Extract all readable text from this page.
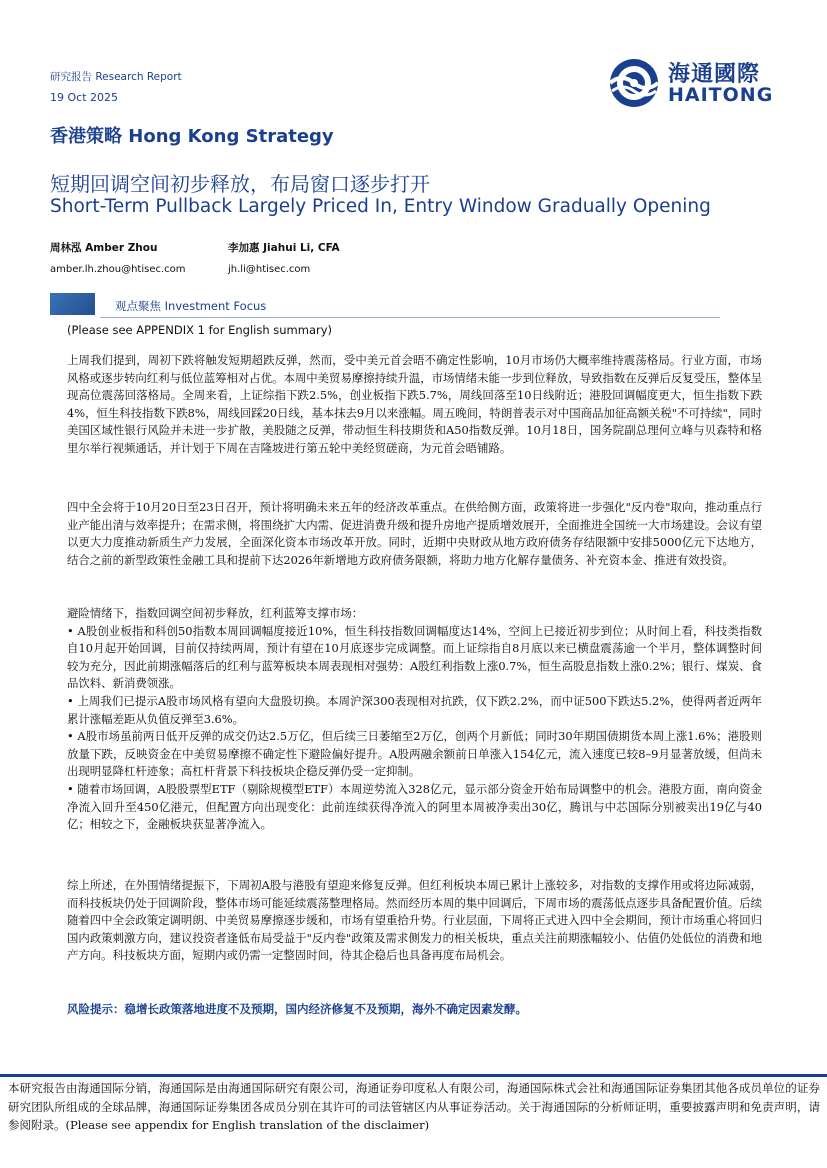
研究报告 Research Report
19 Oct 2025
海通國際
HAITONG
香港策略 Hong Kong Strategy
短期回调空间初步释放，布局窗口逐步打开
Short-Term Pullback Largely Priced In, Entry Window Gradually Opening
周林泓 Amber Zhou
amber.lh.zhou@htisec.com
李加惠 Jiahui Li, CFA
jh.li@htisec.com
观点聚焦 Investment Focus
(Please see APPENDIX 1 for English summary)

上周我们提到，周初下跌将触发短期超跌反弹，然而，受中美元首会晤不确定性影响，10月市场仍大概率维持震荡格局。行业方面，市场风格或逐步转向红利与低位蓝筹相对占优。本周中美贸易摩擦持续升温，市场情绪未能一步到位释放，导致指数在反弹后反复受压，整体呈现高位震荡回落格局。全周来看，上证综指下跌2.5%，创业板指下跌5.7%，周线回落至10日线附近；港股回调幅度更大，恒生指数下跌4%，恒生科技指数下跌8%，周线回踩20日线，基本抹去9月以来涨幅。周五晚间，特朗普表示对中国商品加征高额关税"不可持续"，同时美国区域性银行风险并未进一步扩散，美股随之反弹，带动恒生科技期货和A50指数反弹。10月18日，国务院副总理何立峰与贝森特和格里尔举行视频通话，并计划于下周在吉隆坡进行第五轮中美经贸磋商，为元首会晤铺路。

四中全会将于10月20日至23日召开，预计将明确未来五年的经济改革重点。在供给侧方面，政策将进一步强化"反内卷"取向，推动重点行业产能出清与效率提升；在需求侧，将围绕扩大内需、促进消费升级和提升房地产提质增效展开，全面推进全国统一大市场建设。会议有望以更大力度推动新质生产力发展，全面深化资本市场改革开放。同时，近期中央财政从地方政府债务存结限额中安排5000亿元下达地方，结合之前的新型政策性金融工具和提前下达2026年新增地方政府债务限额，将助力地方化解存量债务、补充资本金、推进有效投资。

避险情绪下，指数回调空间初步释放，红利蓝筹支撑市场：

• A股创业板指和科创50指数本周回调幅度接近10%，恒生科技指数回调幅度达14%，空间上已接近初步到位；从时间上看，科技类指数自10月起开始回调，目前仅持续两周，预计有望在10月底逐步完成调整。而上证综指自8月底以来已横盘震荡逾一个半月，整体调整时间较为充分，因此前期涨幅落后的红利与蓝筹板块本周表现相对强势：A股红利指数上涨0.7%，恒生高股息指数上涨0.2%；银行、煤炭、食品饮料、新消费领涨。

• 上周我们已提示A股市场风格有望向大盘股切换。本周沪深300表现相对抗跌，仅下跌2.2%，而中证500下跌达5.2%，使得两者近两年累计涨幅差距从负值反弹至3.6%。

• A股市场虽前两日低开反弹的成交仍达2.5万亿，但后续三日萎缩至2万亿，创两个月新低；同时30年期国债期货本周上涨1.6%；港股则放量下跌，反映资金在中美贸易摩擦不确定性下避险偏好提升。A股两融余额前日单涨入154亿元，流入速度已较8–9月显著放缓，但尚未出现明显降杠杆迹象；高杠杆背景下科技板块企稳反弹仍受一定抑制。

• 随着市场回调，A股股票型ETF（剔除规模型ETF）本周逆势流入328亿元，显示部分资金开始布局调整中的机会。港股方面，南向资金净流入回升至450亿港元，但配置方向出现变化：此前连续获得净流入的阿里本周被净卖出30亿，腾讯与中芯国际分别被卖出19亿与40亿；相较之下，金融板块获显著净流入。

综上所述，在外围情绪提振下，下周初A股与港股有望迎来修复反弹。但红利板块本周已累计上涨较多，对指数的支撑作用或将边际减弱，而科技板块仍处于回调阶段，整体市场可能延续震荡整理格局。然而经历本周的集中回调后，下周市场的震荡低点逐步具备配置价值。后续随着四中全会政策定调明朗、中美贸易摩擦逐步缓和，市场有望重拾升势。行业层面，下周将正式进入四中全会期间，预计市场重心将回归国内政策刺激方向，建议投资者逢低布局受益于"反内卷"政策及需求侧发力的相关板块，重点关注前期涨幅较小、估值仍处低位的消费和地产方向。科技板块方面，短期内或仍需一定整固时间，待其企稳后也具备再度布局机会。

风险提示：稳增长政策落地进度不及预期，国内经济修复不及预期，海外不确定因素发酵。
本研究报告由海通国际分销，海通国际是由海通国际研究有限公司，海通证券印度私人有限公司，海通国际株式会社和海通国际证券集团其他各成员单位的证券研究团队所组成的全球品牌，海通国际证券集团各成员分别在其许可的司法管辖区内从事证券活动。关于海通国际的分析师证明，重要披露声明和免责声明，请参阅附录。(Please see appendix for English translation of the disclaimer)
